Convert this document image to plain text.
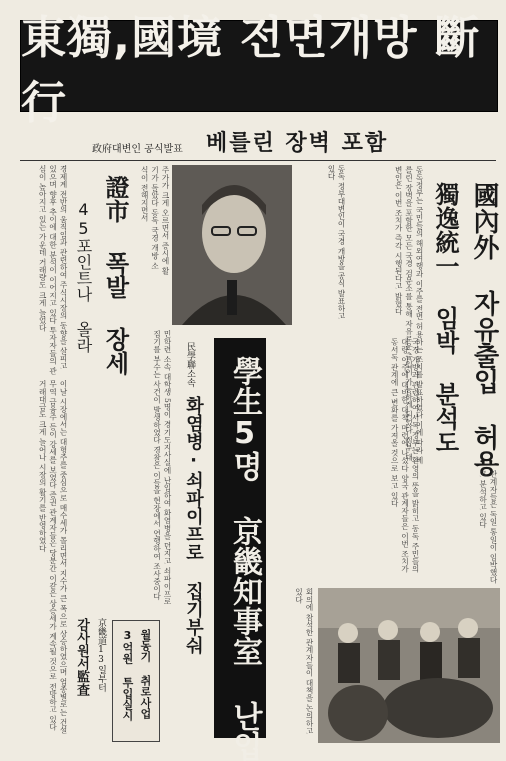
東獨,國境 전면개방 斷行
政府대변인 공식발표 베를린 장벽 포함
경제계 전반의 움직임과 관련하여 주식시장의 동향을 살피고 있으며 향후 추이에 대한 분석이 이어지고 있다 투자자들의 관심이 높아지고 있는 가운데 거래량도 크게 늘었다
이날 시장에서는 대형주를 중심으로 매수세가 몰리면서 지수가 큰 폭으로 상승하였으며 업종별로는 건설 무역 금융주 등이 강세를 보였다 증권 관계자들은 당분간 이같은 상승세가 계속될 것으로 전망하고 있다 거래대금도 크게 늘어나 시장의 활기를 반영하였다
證市 폭발 장세
45포인트나 올라	주가가 크게 오르면서 증시에 활기가 돌았다 동독 국경 개방 소식이 전해지면서	동독 정부대변인이 국경 개방을 공식 발표하고 있다
國內外 자유출입 허용
獨逸統一 임박 분석도
동독정부는 국민들의 해외여행과 이주를 전면 허용하는 조치를 발표하였다 이에 따라 베를린 장벽을 포함한 모든 국경 검문소를 통해 자유로운 출입이 가능하게 되었다 정부 대변인은 이번 조치가 즉각 시행된다고 밝혔다
관계자들은 독일 통일이 임박했다고 분석하고 있다
學生5명 京畿知事室 난입
民學聯소속
화염병·쇠파이프로 집기부숴
민학련 소속 대학생 5명이 경기도지사실에 난입하여 화염병을 던지고 쇠파이프로 집기를 부수는 사건이 발생하였다 경찰은 이들을 현장에서 연행하여 조사중이다
감사원서監査 京畿道13일부터	월동기 취로사업
3억원 투입실시
국경 개방과 관련하여 서독 정부는 환영의 뜻을 밝히고 동독 주민들의 대량 이주에 대비한 대책 마련에 나섰다 양국 관계자들은 이번 조치가 동서독 관계에 큰 변화를 가져올 것으로 보고 있다
회의에 참석한 관계자들이 대책을 논의하고 있다
